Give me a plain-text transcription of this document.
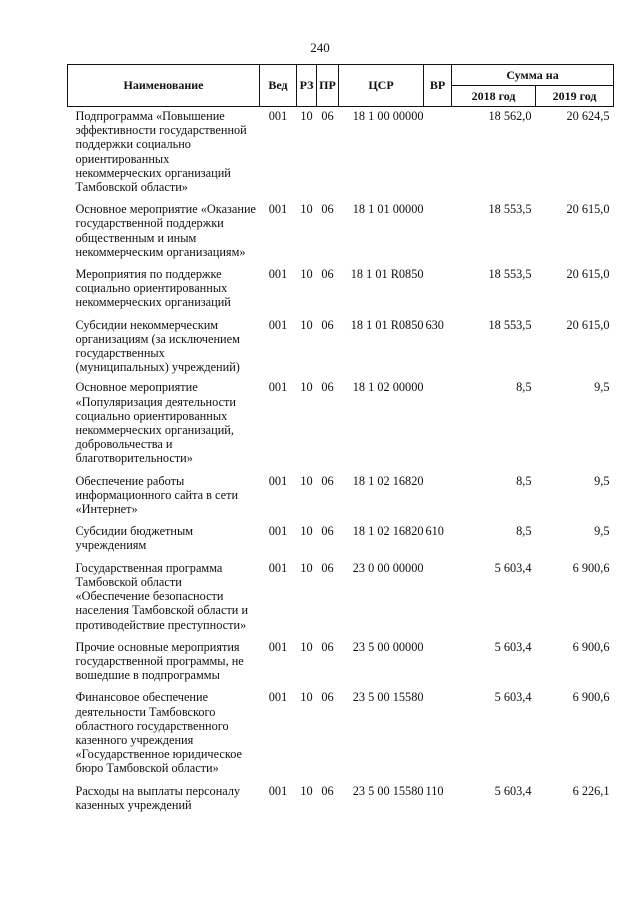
240
Наименование	Вед	РЗ	ПР	ЦСР	ВР	Сумма на	
						2018 год	2019 год
Подпрограмма «Повышение эффективности государственной поддержки социально ориентированных некоммерческих организаций Тамбовской области»	001	10	06	18 1 00 00000		18 562,0	20 624,5
Основное мероприятие «Оказание государственной поддержки общественным и иным некоммерческим организациям»	001	10	06	18 1 01 00000		18 553,5	20 615,0
Мероприятия по поддержке социально ориентированных некоммерческих организаций	001	10	06	18 1 01 R0850		18 553,5	20 615,0
Субсидии некоммерческим организациям (за исключением государственных (муниципальных) учреждений)	001	10	06	18 1 01 R0850	630	18 553,5	20 615,0
Основное мероприятие «Популяризация деятельности социально ориентированных некоммерческих организаций, добровольчества и благотворительности»	001	10	06	18 1 02 00000		8,5	9,5
Обеспечение работы информационного сайта в сети «Интернет»	001	10	06	18 1 02 16820		8,5	9,5
Субсидии бюджетным учреждениям	001	10	06	18 1 02 16820	610	8,5	9,5
Государственная программа Тамбовской области «Обеспечение безопасности населения Тамбовской области и противодействие преступности»	001	10	06	23 0 00 00000		5 603,4	6 900,6
Прочие основные мероприятия государственной программы, не вошедшие в подпрограммы	001	10	06	23 5 00 00000		5 603,4	6 900,6
Финансовое обеспечение деятельности Тамбовского областного государственного казенного учреждения «Государственное юридическое бюро Тамбовской области»	001	10	06	23 5 00 15580		5 603,4	6 900,6
Расходы на выплаты персоналу казенных учреждений	001	10	06	23 5 00 15580	110	5 603,4	6 226,1
